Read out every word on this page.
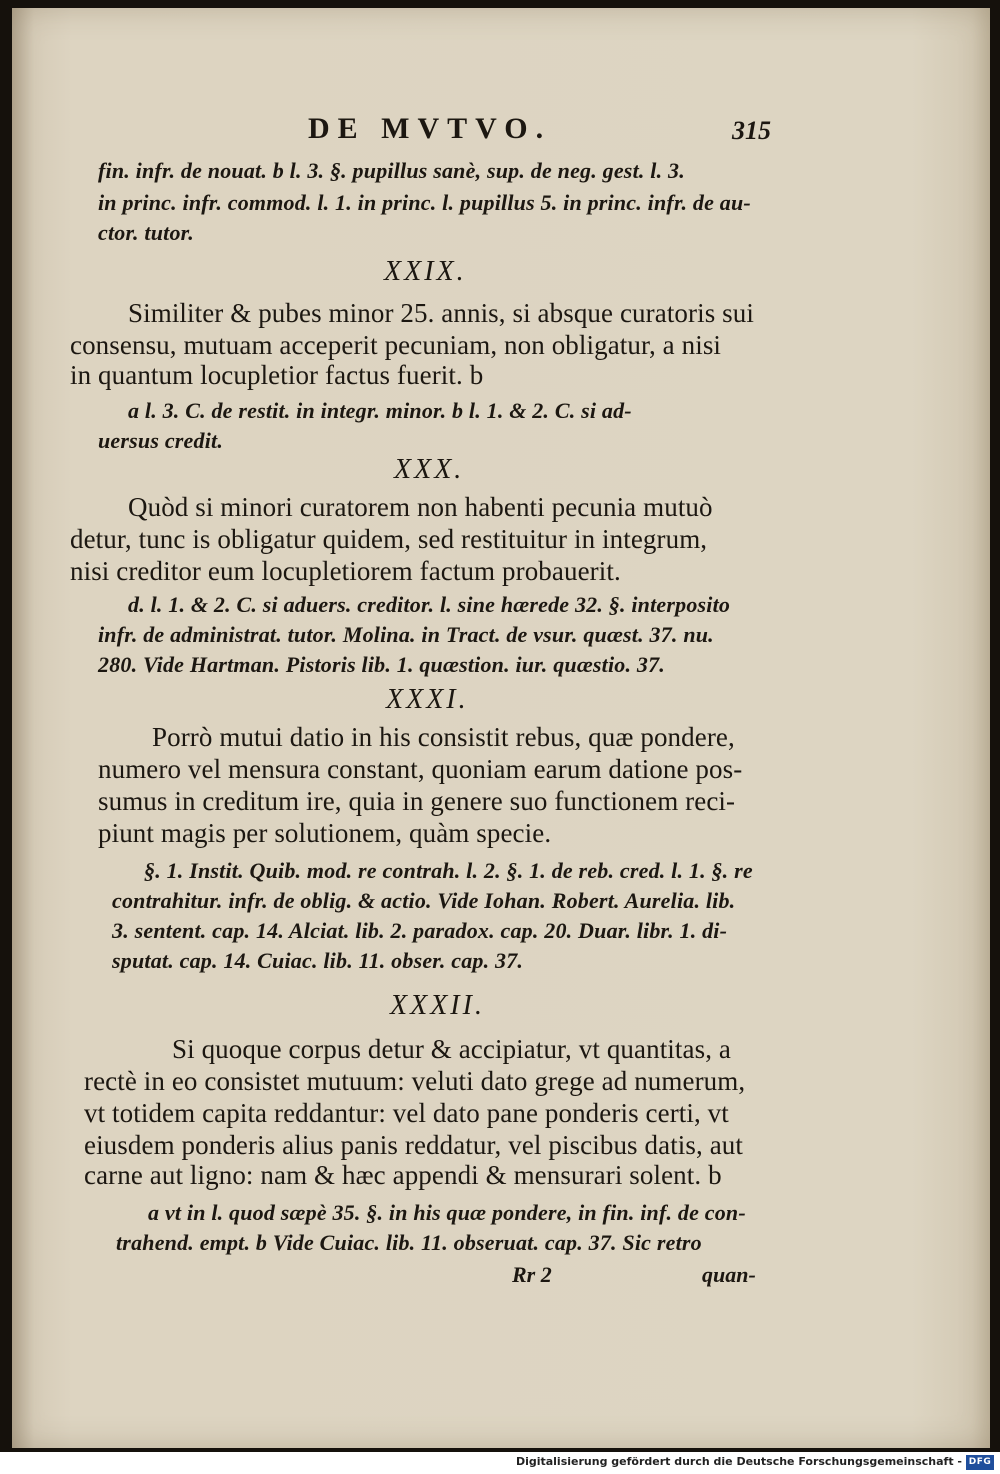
DE MVTVO.	315
fin. infr. de nouat. b l. 3. §. pupillus sanè, sup. de neg. gest. l. 3.
in princ. infr. commod. l. 1. in princ. l. pupillus 5. in princ. infr. de au-
ctor. tutor.
XXIX.
Similiter & pubes minor 25. annis, si absque curatoris sui
consensu, mutuam acceperit pecuniam, non obligatur, a nisi
in quantum locupletior factus fuerit. b
a l. 3. C. de restit. in integr. minor. b l. 1. & 2. C. si ad-
uersus credit.
XXX.
Quòd si minori curatorem non habenti pecunia mutuò
detur, tunc is obligatur quidem, sed restituitur in integrum,
nisi creditor eum locupletiorem factum probauerit.
d. l. 1. & 2. C. si aduers. creditor. l. sine hærede 32. §. interposito
infr. de administrat. tutor. Molina. in Tract. de vsur. quæst. 37. nu.
280. Vide Hartman. Pistoris lib. 1. quæstion. iur. quæstio. 37.
XXXI.
Porrò mutui datio in his consistit rebus, quæ pondere,
numero vel mensura constant, quoniam earum datione pos-
sumus in creditum ire, quia in genere suo functionem reci-
piunt magis per solutionem, quàm specie.
§. 1. Instit. Quib. mod. re contrah. l. 2. §. 1. de reb. cred. l. 1. §. re
contrahitur. infr. de oblig. & actio. Vide Iohan. Robert. Aurelia. lib.
3. sentent. cap. 14. Alciat. lib. 2. paradox. cap. 20. Duar. libr. 1. di-
sputat. cap. 14. Cuiac. lib. 11. obser. cap. 37.
XXXII.
Si quoque corpus detur & accipiatur, vt quantitas, a
rectè in eo consistet mutuum: veluti dato grege ad numerum,
vt totidem capita reddantur: vel dato pane ponderis certi, vt
eiusdem ponderis alius panis reddatur, vel piscibus datis, aut
carne aut ligno: nam & hæc appendi & mensurari solent. b
a vt in l. quod sæpè 35. §. in his quæ pondere, in fin. inf. de con-
trahend. empt. b Vide Cuiac. lib. 11. obseruat. cap. 37. Sic retro
Rr 2	quan-
Digitalisierung gefördert durch die Deutsche Forschungsgemeinschaft - DFG
